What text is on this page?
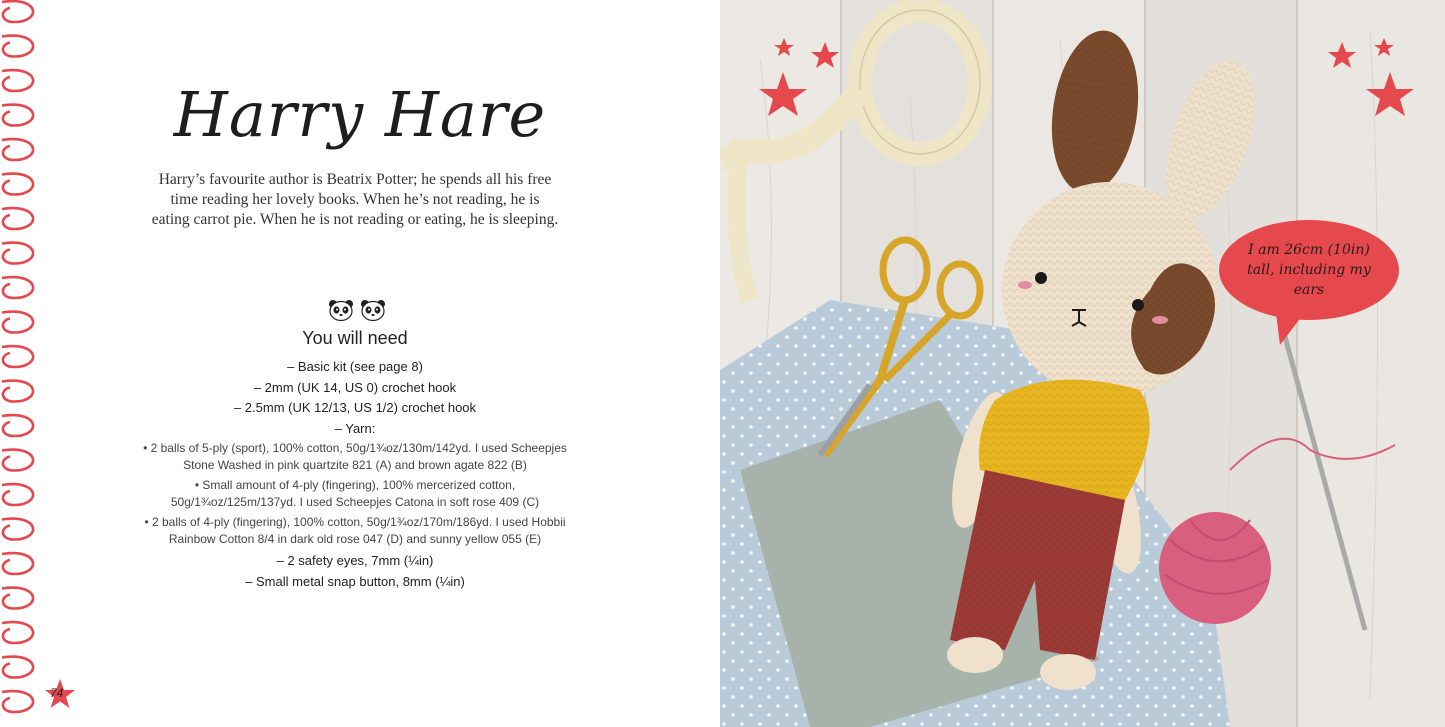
Harry Hare

Harry’s favourite author is Beatrix Potter; he spends all his free time reading her lovely books. When he’s not reading, he is eating carrot pie. When he is not reading or eating, he is sleeping.

You will need
– Basic kit (see page 8)
– 2mm (UK 14, US 0) crochet hook
– 2.5mm (UK 12/13, US 1/2) crochet hook
– Yarn:
• 2 balls of 5-ply (sport), 100% cotton, 50g/1¾oz/130m/142yd. I used Scheepjes Stone Washed in pink quartzite 821 (A) and brown agate 822 (B)
• Small amount of 4-ply (fingering), 100% mercerized cotton, 50g/1¾oz/125m/137yd. I used Scheepjes Catona in soft rose 409 (C)
• 2 balls of 4-ply (fingering), 100% cotton, 50g/1¾oz/170m/186yd. I used Hobbii Rainbow Cotton 8/4 in dark old rose 047 (D) and sunny yellow 055 (E)
– 2 safety eyes, 7mm (¼in)
– Small metal snap button, 8mm (¼in)
74
I am 26cm (10in) tall, including my ears
